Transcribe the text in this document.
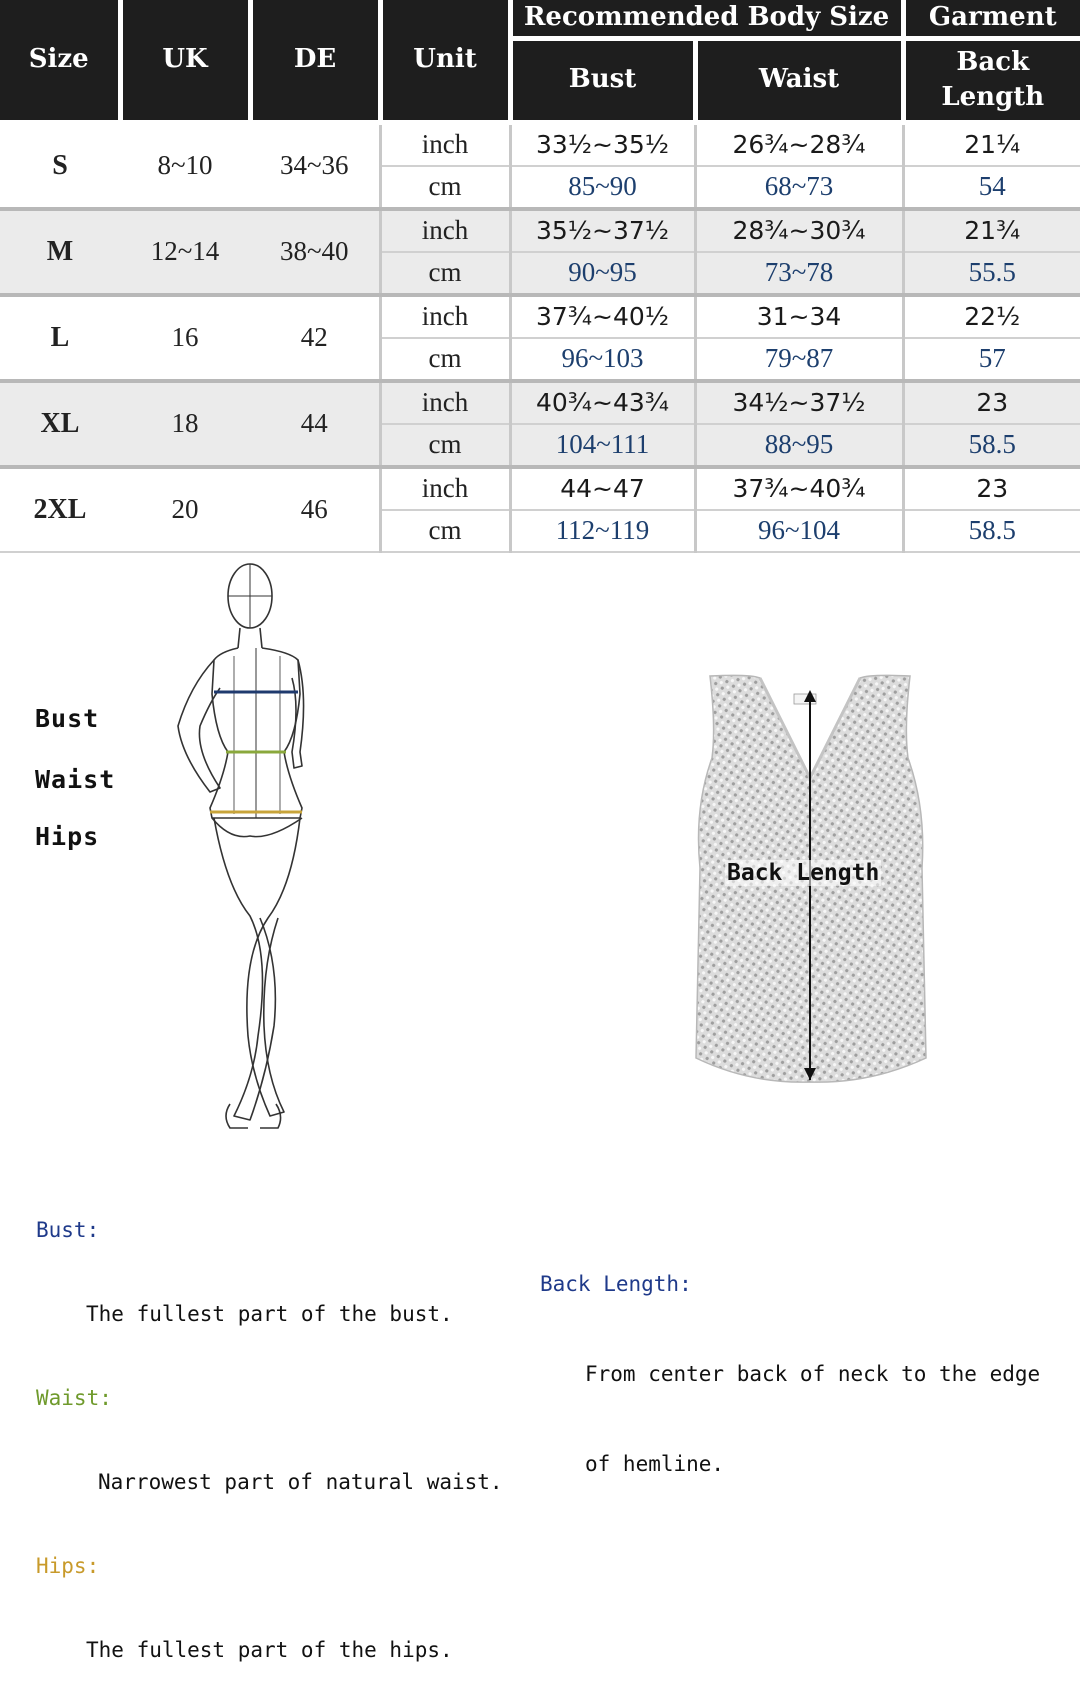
Size	UK	DE	Unit	Recommended Body Size		Garment
				Bust	Waist	Back
Length
S	8~10	34~36	inch	33½~35½	26¾~28¾	21¼
			cm	85~90	68~73	54
M	12~14	38~40	inch	35½~37½	28¾~30¾	21¾
			cm	90~95	73~78	55.5
L	16	42	inch	37¾~40½	31~34	22½
			cm	96~103	79~87	57
XL	18	44	inch	40¾~43¾	34½~37½	23
			cm	104~111	88~95	58.5
2XL	20	46	inch	44~47	37¾~40¾	23
			cm	112~119	96~104	58.5
Bust
Waist
Hips
Back Length

Bust:

The fullest part of the bust.

Waist:

Narrowest part of natural waist.

Hips:

The fullest part of the hips.

Back Length:

From center back of neck to the edge

of hemline.
